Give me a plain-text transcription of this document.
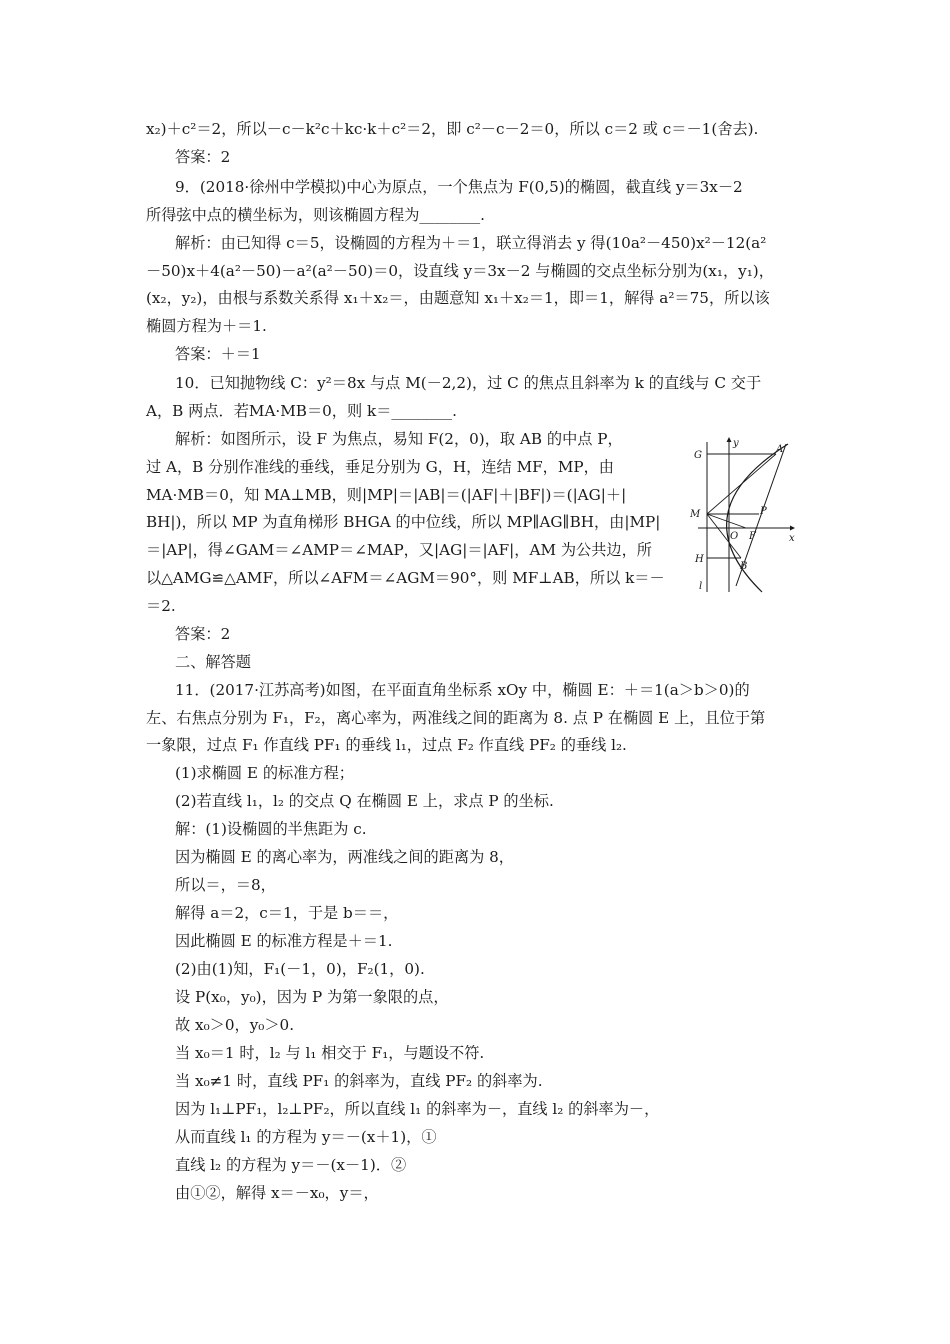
x₂)＋c²＝2，所以－c－k²c＋kc·k＋c²＝2，即 c²－c－2＝0，所以 c＝2 或 c＝－1(舍去).
答案：2
9．(2018·徐州中学模拟)中心为原点，一个焦点为 F(0,5)的椭圆，截直线 y＝3x－2
所得弦中点的横坐标为，则该椭圆方程为________.
解析：由已知得 c＝5，设椭圆的方程为＋＝1，联立得消去 y 得(10a²－450)x²－12(a²
－50)x＋4(a²－50)－a²(a²－50)＝0，设直线 y＝3x－2 与椭圆的交点坐标分别为(x₁，y₁)，
(x₂，y₂)，由根与系数关系得 x₁＋x₂＝，由题意知 x₁＋x₂＝1，即＝1，解得 a²＝75，所以该
椭圆方程为＋＝1.
答案：＋＝1
10．已知抛物线 C：y²＝8x 与点 M(－2,2)，过 C 的焦点且斜率为 k 的直线与 C 交于
A，B 两点．若MA·MB＝0，则 k＝________.
解析：如图所示，设 F 为焦点，易知 F(2，0)，取 AB 的中点 P，
过 A，B 分别作准线的垂线，垂足分别为 G，H，连结 MF，MP，由
MA·MB＝0，知 MA⊥MB，则|MP|＝|AB|＝(|AF|＋|BF|)＝(|AG|＋|
BH|)，所以 MP 为直角梯形 BHGA 的中位线，所以 MP∥AG∥BH，由|MP|
＝|AP|，得∠GAM＝∠AMP＝∠MAP，又|AG|＝|AF|，AM 为公共边，所
以△AMG≌△AMF，所以∠AFM＝∠AGM＝90°，则 MF⊥AB，所以 k＝－
＝2.
答案：2
二、解答题
11．(2017·江苏高考)如图，在平面直角坐标系 xOy 中，椭圆 E：＋＝1(a＞b＞0)的
左、右焦点分别为 F₁，F₂，离心率为，两准线之间的距离为 8. 点 P 在椭圆 E 上，且位于第
一象限，过点 F₁ 作直线 PF₁ 的垂线 l₁，过点 F₂ 作直线 PF₂ 的垂线 l₂.
(1)求椭圆 E 的标准方程；
(2)若直线 l₁，l₂ 的交点 Q 在椭圆 E 上，求点 P 的坐标.
解：(1)设椭圆的半焦距为 c.
因为椭圆 E 的离心率为，两准线之间的距离为 8，
所以＝，＝8，
解得 a＝2，c＝1，于是 b＝＝，
因此椭圆 E 的标准方程是＋＝1.
(2)由(1)知，F₁(－1，0)，F₂(1，0).
设 P(x₀，y₀)，因为 P 为第一象限的点，
故 x₀＞0，y₀＞0.
当 x₀＝1 时，l₂ 与 l₁ 相交于 F₁，与题设不符.
当 x₀≠1 时，直线 PF₁ 的斜率为，直线 PF₂ 的斜率为.
因为 l₁⊥PF₁，l₂⊥PF₂，所以直线 l₁ 的斜率为－，直线 l₂ 的斜率为－，
从而直线 l₁ 的方程为 y＝－(x＋1)，①
直线 l₂ 的方程为 y＝－(x－1)．②
由①②，解得 x＝－x₀，y＝，
y
x
G
A
M	P
O F
H
B
l
